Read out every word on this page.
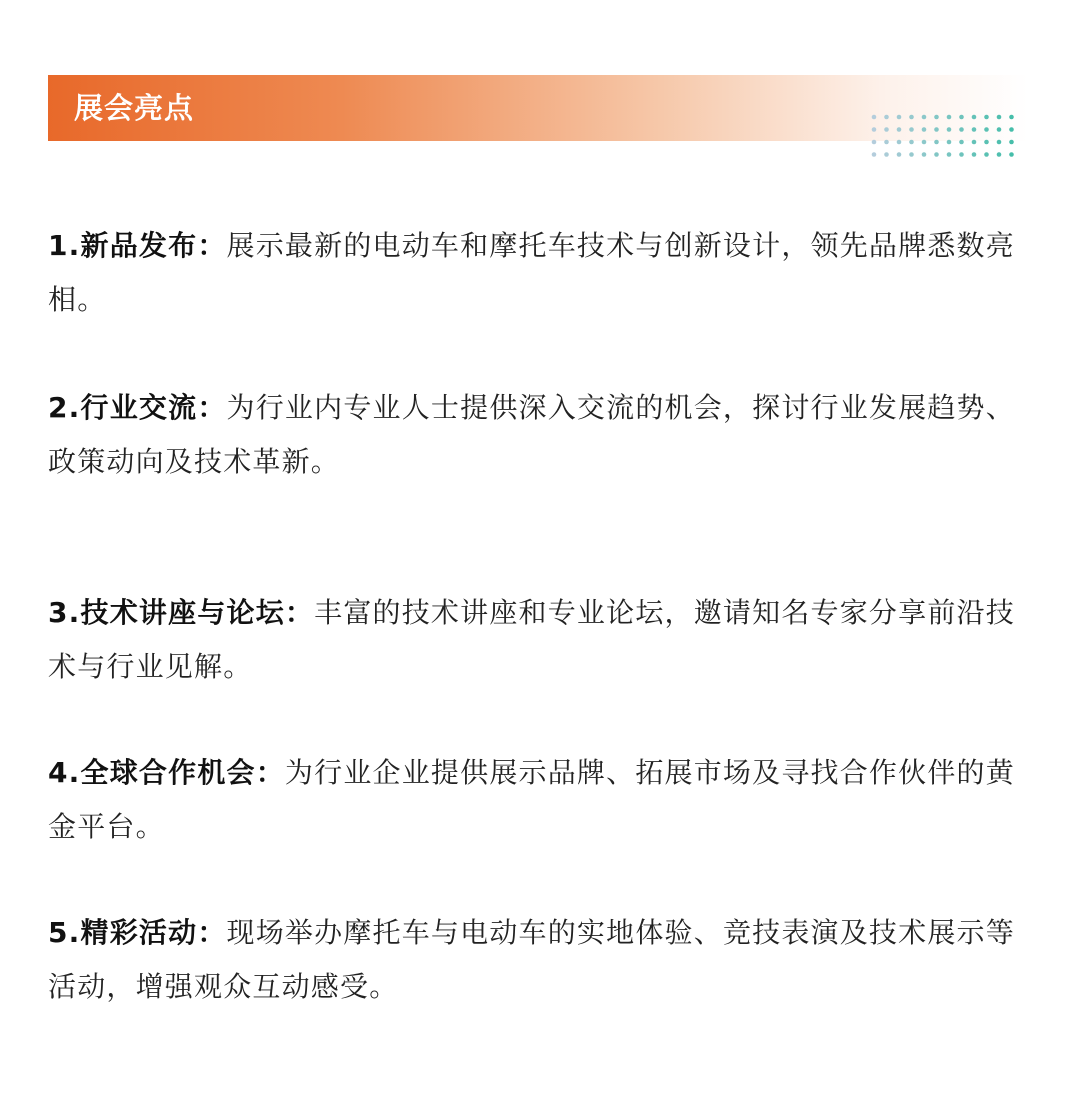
展会亮点
1.新品发布：展示最新的电动车和摩托车技术与创新设计，领先品牌悉数亮相。
2.行业交流：为行业内专业人士提供深入交流的机会，探讨行业发展趋势、政策动向及技术革新。
3.技术讲座与论坛：丰富的技术讲座和专业论坛，邀请知名专家分享前沿技术与行业见解。
4.全球合作机会：为行业企业提供展示品牌、拓展市场及寻找合作伙伴的黄金平台。
5.精彩活动：现场举办摩托车与电动车的实地体验、竞技表演及技术展示等活动，增强观众互动感受。
